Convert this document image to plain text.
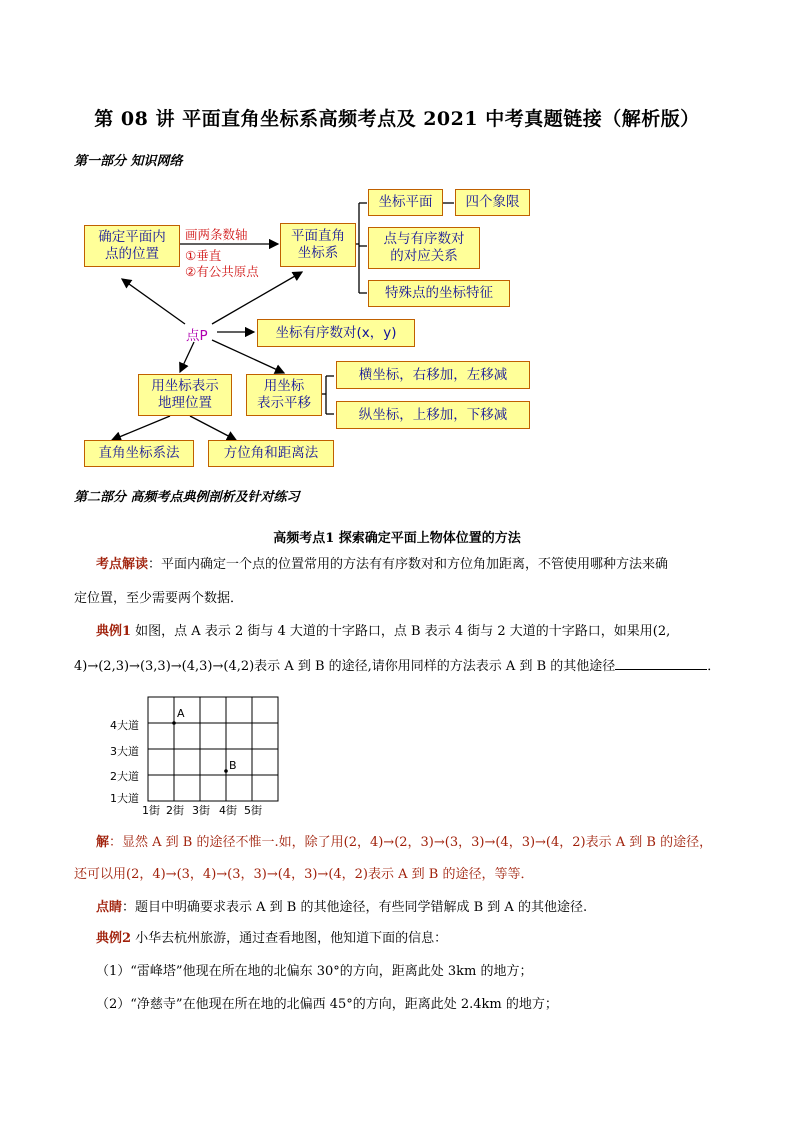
第 08 讲 平面直角坐标系高频考点及 2021 中考真题链接（解析版）
第一部分 知识网络
确定平面内
点的位置
画两条数轴
①垂直
②有公共原点
平面直角
坐标系
坐标平面 四个象限
点与有序数对
的对应关系
特殊点的坐标特征
点P	坐标有序数对(x，y)
用坐标表示
地理位置
用坐标
表示平移
横坐标，右移加，左移减
纵坐标，上移加，下移减
直角坐标系法	方位角和距离法
第二部分 高频考点典例剖析及针对练习
高频考点1 探索确定平面上物体位置的方法
考点解读：平面内确定一个点的位置常用的方法有有序数对和方位角加距离，不管使用哪种方法来确
定位置，至少需要两个数据．
典例1 如图，点 A 表示 2 街与 4 大道的十字路口，点 B 表示 4 街与 2 大道的十字路口，如果用(2,
4)→(2,3)→(3,3)→(4,3)→(4,2)表示 A 到 B 的途径,请你用同样的方法表示 A 到 B 的其他途径	．
4大道
3大道
2大道
1大道
1街 2街 3街 4街 5街
A
B
解：显然 A 到 B 的途径不惟一.如，除了用(2，4)→(2，3)→(3，3)→(4，3)→(4，2)表示 A 到 B 的途径，
还可以用(2，4)→(3，4)→(3，3)→(4，3)→(4，2)表示 A 到 B 的途径，等等．
点睛：题目中明确要求表示 A 到 B 的其他途径，有些同学错解成 B 到 A 的其他途径.
典例2 小华去杭州旅游，通过查看地图，他知道下面的信息：
（1）“雷峰塔”他现在所在地的北偏东 30°的方向，距离此处 3km 的地方；
（2）“净慈寺”在他现在所在地的北偏西 45°的方向，距离此处 2.4km 的地方；
